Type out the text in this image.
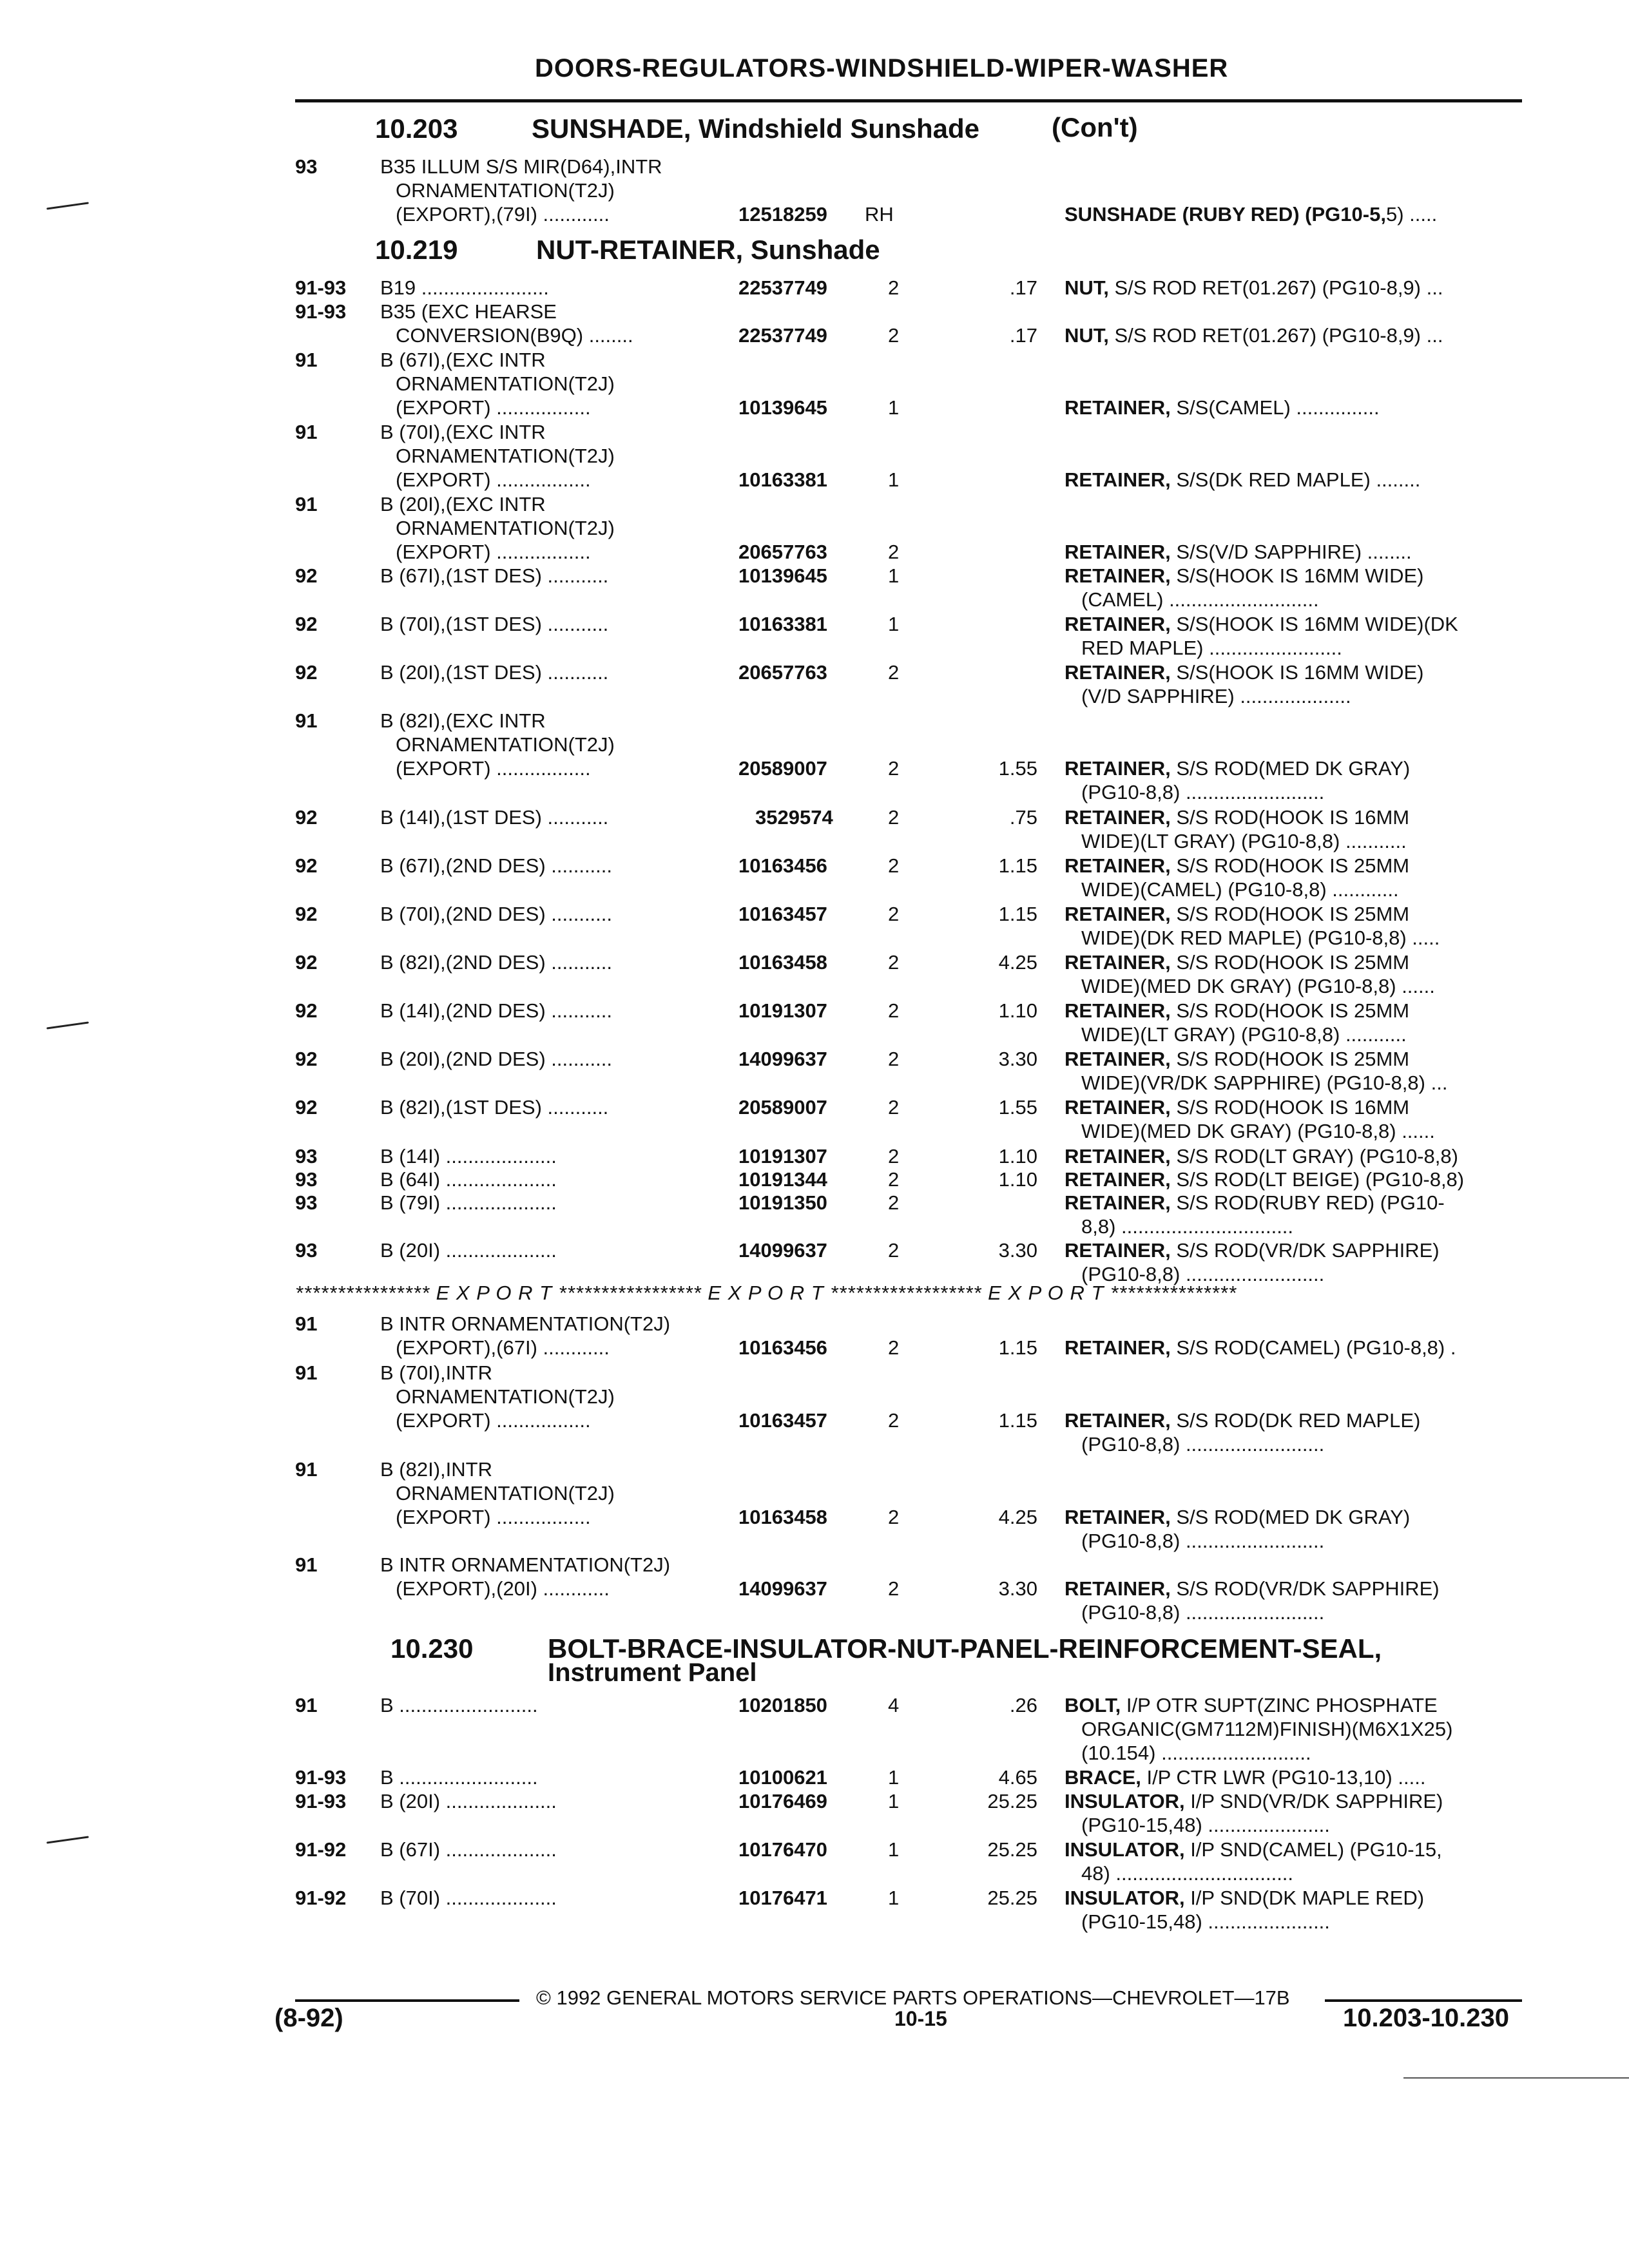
DOORS-REGULATORS-WINDSHIELD-WIPER-WASHER
10.203	SUNSHADE, Windshield Sunshade	(Con't)
10.219	NUT-RETAINER, Sunshade
10.230	BOLT-BRACE-INSULATOR-NUT-PANEL-REINFORCEMENT-SEAL,
Instrument Panel
93	B35 ILLUM S/S MIR(D64),INTR
ORNAMENTATION(T2J)
(EXPORT),(79I) ............	12518259 RH	SUNSHADE (RUBY RED) (PG10-5,5) .....
91-93 B19 .......................	22537749	2	.17 NUT, S/S ROD RET(01.267) (PG10-8,9) ...
91-93 B35 (EXC HEARSE
CONVERSION(B9Q) ........	22537749	2	.17 NUT, S/S ROD RET(01.267) (PG10-8,9) ...
91	B (67I),(EXC INTR
ORNAMENTATION(T2J)
(EXPORT) .................	10139645	1	RETAINER, S/S(CAMEL) ...............
91	B (70I),(EXC INTR
ORNAMENTATION(T2J)
(EXPORT) .................	10163381	1	RETAINER, S/S(DK RED MAPLE) ........
91	B (20I),(EXC INTR
ORNAMENTATION(T2J)
(EXPORT) .................	20657763	2	RETAINER, S/S(V/D SAPPHIRE) ........
92	B (67I),(1ST DES) ...........	10139645	1	RETAINER, S/S(HOOK IS 16MM WIDE)
(CAMEL) ...........................
92	B (70I),(1ST DES) ...........	10163381	1	RETAINER, S/S(HOOK IS 16MM WIDE)(DK
RED MAPLE) ........................
92	B (20I),(1ST DES) ...........	20657763	2	RETAINER, S/S(HOOK IS 16MM WIDE)
(V/D SAPPHIRE) ....................
91	B (82I),(EXC INTR
ORNAMENTATION(T2J)
(EXPORT) .................	20589007	2	1.55 RETAINER, S/S ROD(MED DK GRAY)
(PG10-8,8) .........................
92	B (14I),(1ST DES) ...........	3529574	2	.75 RETAINER, S/S ROD(HOOK IS 16MM
WIDE)(LT GRAY) (PG10-8,8) ...........
92	B (67I),(2ND DES) ...........	10163456	2	1.15 RETAINER, S/S ROD(HOOK IS 25MM
WIDE)(CAMEL) (PG10-8,8) ............
92	B (70I),(2ND DES) ...........	10163457	2	1.15 RETAINER, S/S ROD(HOOK IS 25MM
WIDE)(DK RED MAPLE) (PG10-8,8) .....
92	B (82I),(2ND DES) ...........	10163458	2	4.25 RETAINER, S/S ROD(HOOK IS 25MM
WIDE)(MED DK GRAY) (PG10-8,8) ......
92	B (14I),(2ND DES) ...........	10191307	2	1.10 RETAINER, S/S ROD(HOOK IS 25MM
WIDE)(LT GRAY) (PG10-8,8) ...........
92	B (20I),(2ND DES) ...........	14099637	2	3.30 RETAINER, S/S ROD(HOOK IS 25MM
WIDE)(VR/DK SAPPHIRE) (PG10-8,8) ...
92	B (82I),(1ST DES) ...........	20589007	2	1.55 RETAINER, S/S ROD(HOOK IS 16MM
WIDE)(MED DK GRAY) (PG10-8,8) ......
93	B (14I) ....................	10191307	2	1.10 RETAINER, S/S ROD(LT GRAY) (PG10-8,8)
93	B (64I) ....................	10191344	2	1.10 RETAINER, S/S ROD(LT BEIGE) (PG10-8,8)
93	B (79I) ....................	10191350	2	RETAINER, S/S ROD(RUBY RED) (PG10-
8,8) ...............................
93	B (20I) ....................	14099637	2	3.30 RETAINER, S/S ROD(VR/DK SAPPHIRE)
(PG10-8,8) .........................
**************** E X P O R T ***************** E X P O R T ****************** E X P O R T ***************
91	B INTR ORNAMENTATION(T2J)
(EXPORT),(67I) ............	10163456	2	1.15 RETAINER, S/S ROD(CAMEL) (PG10-8,8) .
91	B (70I),INTR
ORNAMENTATION(T2J)
(EXPORT) .................	10163457	2	1.15 RETAINER, S/S ROD(DK RED MAPLE)
(PG10-8,8) .........................
91	B (82I),INTR
ORNAMENTATION(T2J)
(EXPORT) .................	10163458	2	4.25 RETAINER, S/S ROD(MED DK GRAY)
(PG10-8,8) .........................
91	B INTR ORNAMENTATION(T2J)
(EXPORT),(20I) ............	14099637	2	3.30 RETAINER, S/S ROD(VR/DK SAPPHIRE)
(PG10-8,8) .........................
91	B .........................	10201850	4	.26 BOLT, I/P OTR SUPT(ZINC PHOSPHATE
ORGANIC(GM7112M)FINISH)(M6X1X25)
(10.154) ...........................
91-93 B .........................	10100621	1	4.65 BRACE, I/P CTR LWR (PG10-13,10) .....
91-93 B (20I) ....................	10176469	1	25.25 INSULATOR, I/P SND(VR/DK SAPPHIRE)
(PG10-15,48) ......................
91-92 B (67I) ....................	10176470	1	25.25 INSULATOR, I/P SND(CAMEL) (PG10-15,
48) ................................
91-92 B (70I) ....................	10176471	1	25.25 INSULATOR, I/P SND(DK MAPLE RED)
(PG10-15,48) ......................
© 1992 GENERAL MOTORS SERVICE PARTS OPERATIONS—CHEVROLET—17B
(8-92)	10-15	10.203-10.230
